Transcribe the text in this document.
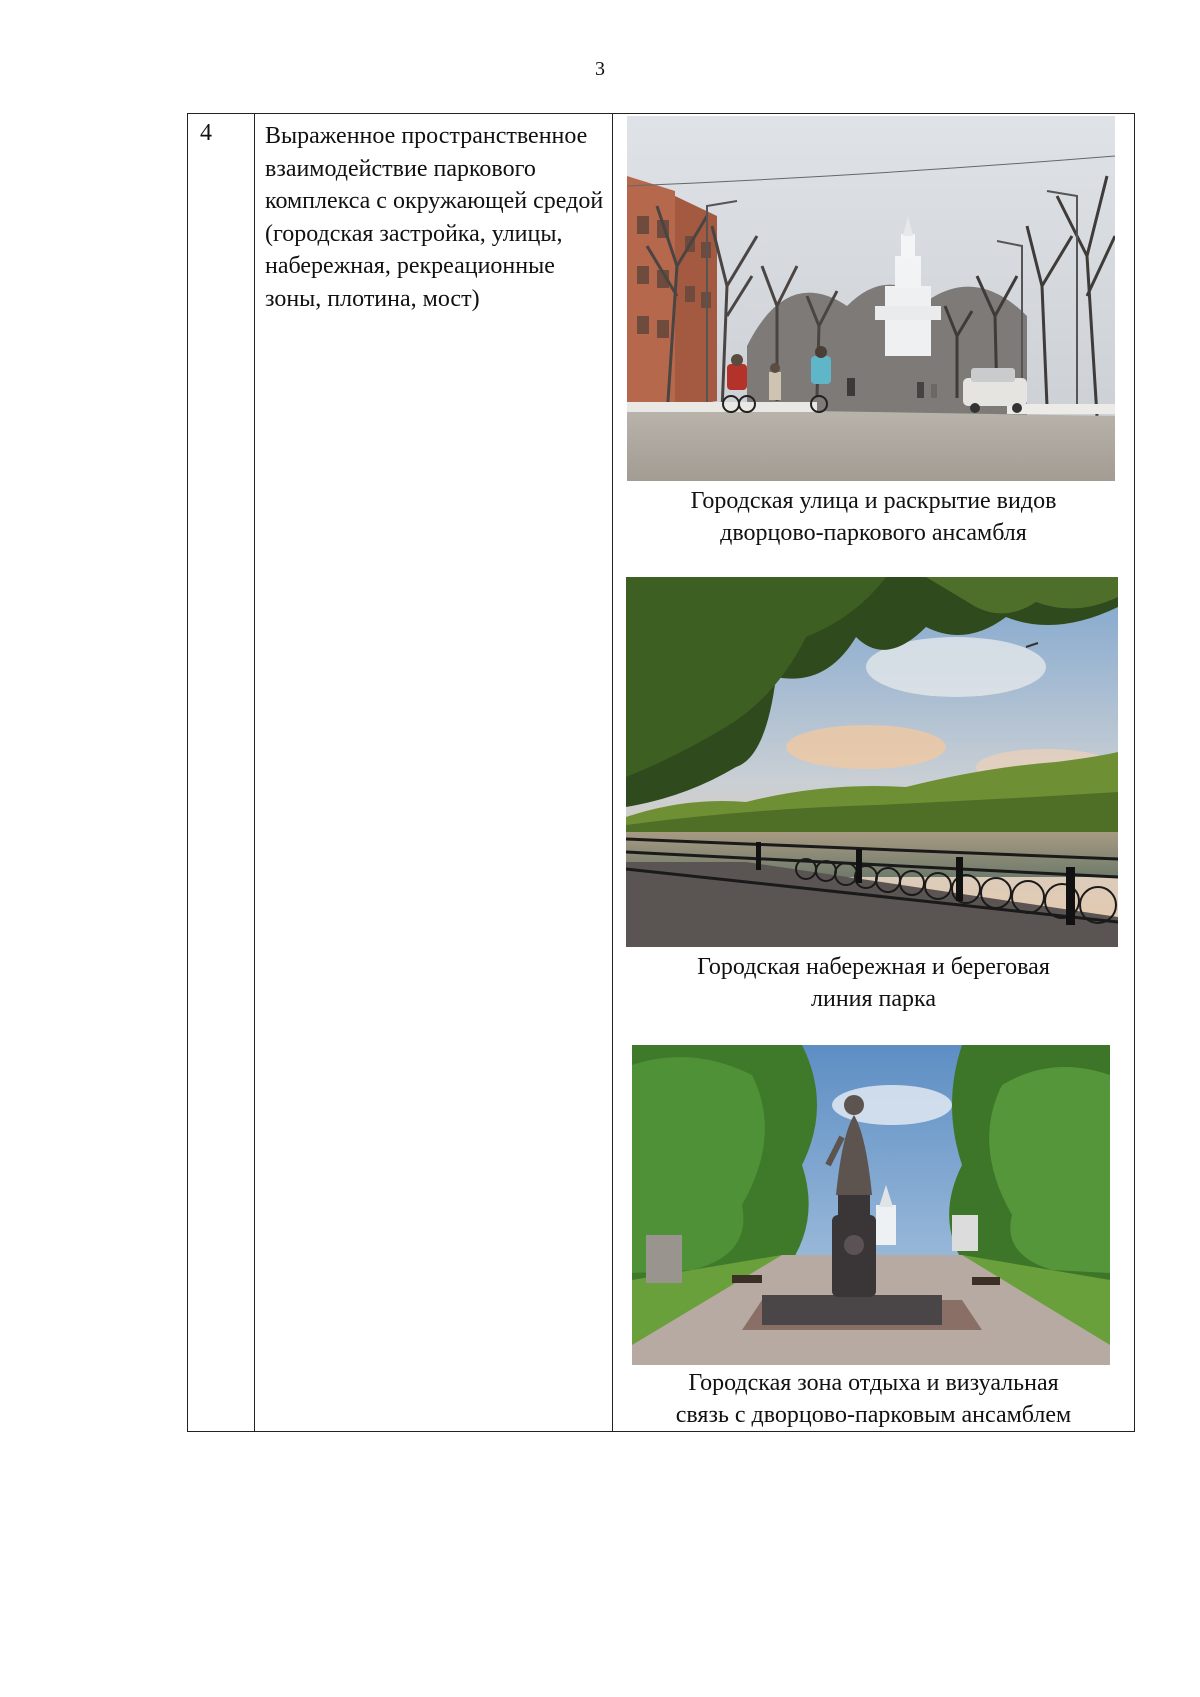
3
4	Выраженное пространственное взаимодействие паркового комплекса с окружающей средой (городская застройка, улицы, набережная, рекреационные зоны, плотина, мост)

Городская улица и раскрытие видов
дворцово-паркового ансамбля
Городская набережная и береговая
линия парка
Городская зона отдыха и визуальная
связь с дворцово-парковым ансамблем
